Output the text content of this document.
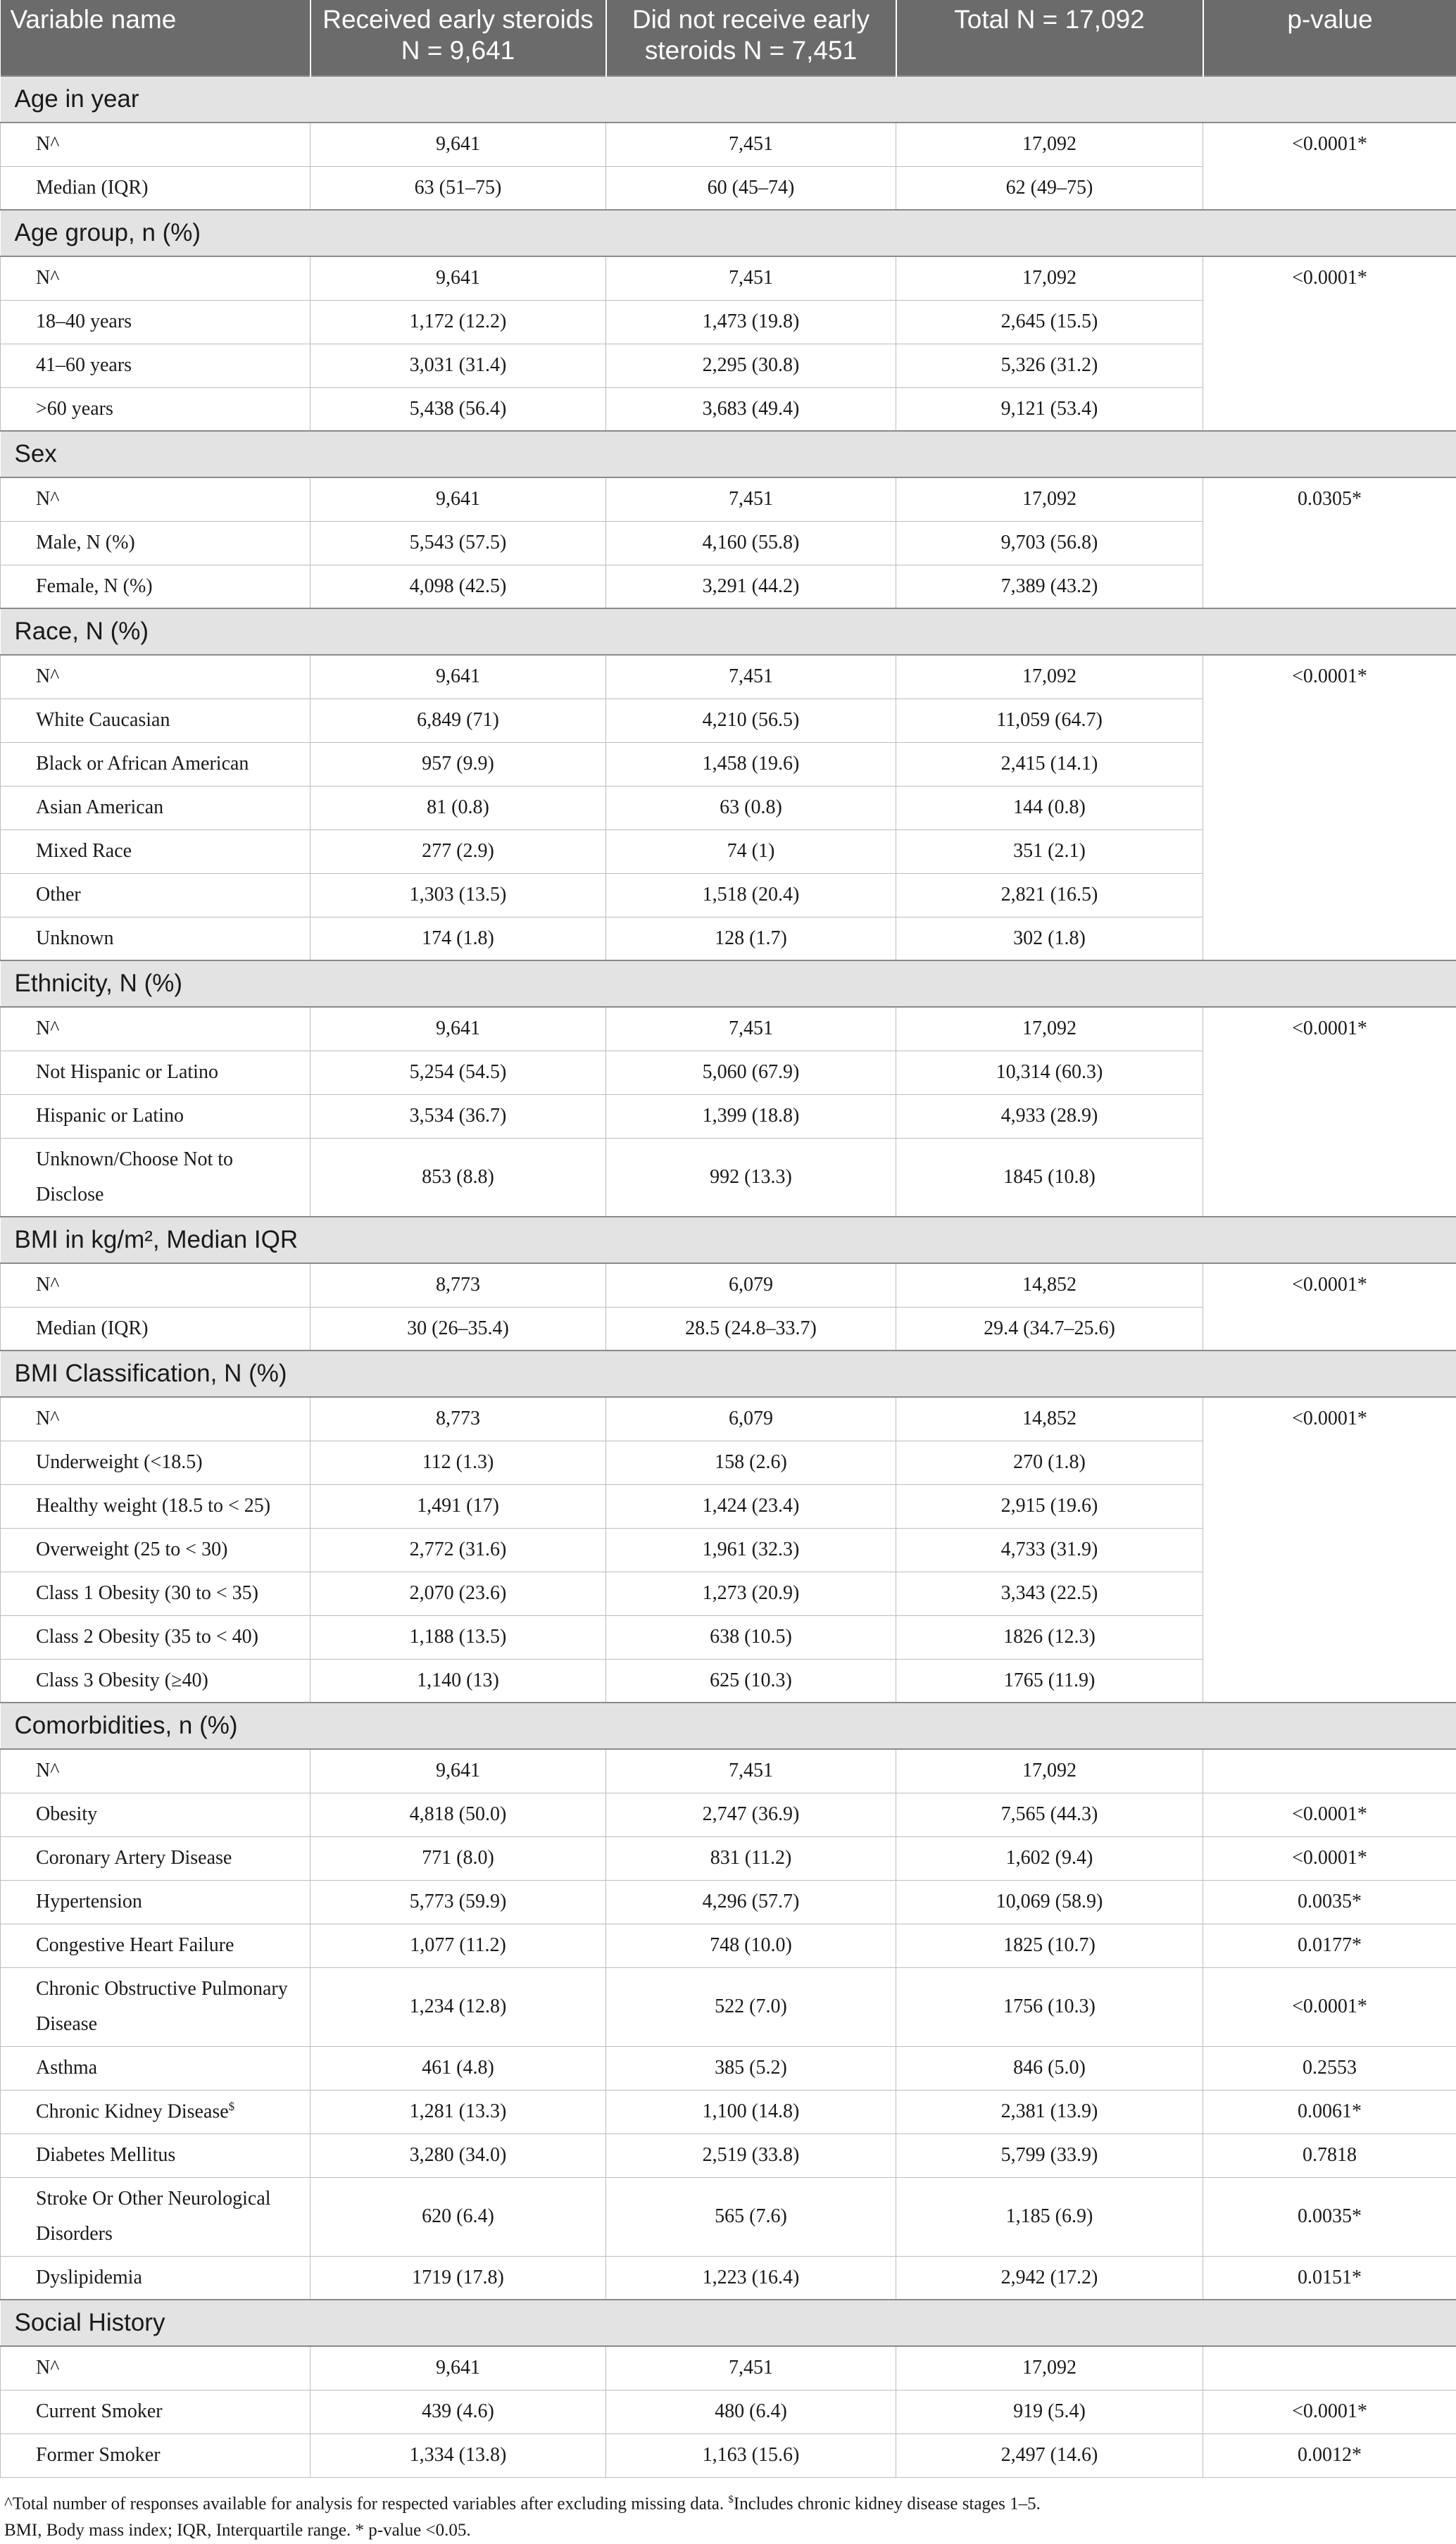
Variable name	Received early steroids N = 9,641	Did not receive early steroids N = 7,451	Total N = 17,092	p-value
Age in year				
N^	9,641	7,451	17,092	<0.0001*
Median (IQR)	63 (51–75)	60 (45–74)	62 (49–75)	
Age group, n (%)				
N^	9,641	7,451	17,092	<0.0001*
18–40 years	1,172 (12.2)	1,473 (19.8)	2,645 (15.5)	
41–60 years	3,031 (31.4)	2,295 (30.8)	5,326 (31.2)	
>60 years	5,438 (56.4)	3,683 (49.4)	9,121 (53.4)	
Sex				
N^	9,641	7,451	17,092	0.0305*
Male, N (%)	5,543 (57.5)	4,160 (55.8)	9,703 (56.8)	
Female, N (%)	4,098 (42.5)	3,291 (44.2)	7,389 (43.2)	
Race, N (%)				
N^	9,641	7,451	17,092	<0.0001*
White Caucasian	6,849 (71)	4,210 (56.5)	11,059 (64.7)	
Black or African American	957 (9.9)	1,458 (19.6)	2,415 (14.1)	
Asian American	81 (0.8)	63 (0.8)	144 (0.8)	
Mixed Race	277 (2.9)	74 (1)	351 (2.1)	
Other	1,303 (13.5)	1,518 (20.4)	2,821 (16.5)	
Unknown	174 (1.8)	128 (1.7)	302 (1.8)	
Ethnicity, N (%)				
N^	9,641	7,451	17,092	<0.0001*
Not Hispanic or Latino	5,254 (54.5)	5,060 (67.9)	10,314 (60.3)	
Hispanic or Latino	3,534 (36.7)	1,399 (18.8)	4,933 (28.9)	
Unknown/Choose Not to Disclose	853 (8.8)	992 (13.3)	1845 (10.8)	
BMI in kg/m², Median IQR				
N^	8,773	6,079	14,852	<0.0001*
Median (IQR)	30 (26–35.4)	28.5 (24.8–33.7)	29.4 (34.7–25.6)	
BMI Classification, N (%)				
N^	8,773	6,079	14,852	<0.0001*
Underweight (<18.5)	112 (1.3)	158 (2.6)	270 (1.8)	
Healthy weight (18.5 to < 25)	1,491 (17)	1,424 (23.4)	2,915 (19.6)	
Overweight (25 to < 30)	2,772 (31.6)	1,961 (32.3)	4,733 (31.9)	
Class 1 Obesity (30 to < 35)	2,070 (23.6)	1,273 (20.9)	3,343 (22.5)	
Class 2 Obesity (35 to < 40)	1,188 (13.5)	638 (10.5)	1826 (12.3)	
Class 3 Obesity (≥40)	1,140 (13)	625 (10.3)	1765 (11.9)	
Comorbidities, n (%)				
N^	9,641	7,451	17,092	
Obesity	4,818 (50.0)	2,747 (36.9)	7,565 (44.3)	<0.0001*
Coronary Artery Disease	771 (8.0)	831 (11.2)	1,602 (9.4)	<0.0001*
Hypertension	5,773 (59.9)	4,296 (57.7)	10,069 (58.9)	0.0035*
Congestive Heart Failure	1,077 (11.2)	748 (10.0)	1825 (10.7)	0.0177*
Chronic Obstructive Pulmonary Disease	1,234 (12.8)	522 (7.0)	1756 (10.3)	<0.0001*
Asthma	461 (4.8)	385 (5.2)	846 (5.0)	0.2553
Chronic Kidney Disease$	1,281 (13.3)	1,100 (14.8)	2,381 (13.9)	0.0061*
Diabetes Mellitus	3,280 (34.0)	2,519 (33.8)	5,799 (33.9)	0.7818
Stroke Or Other Neurological Disorders	620 (6.4)	565 (7.6)	1,185 (6.9)	0.0035*
Dyslipidemia	1719 (17.8)	1,223 (16.4)	2,942 (17.2)	0.0151*
Social History				
N^	9,641	7,451	17,092	
Current Smoker	439 (4.6)	480 (6.4)	919 (5.4)	<0.0001*
Former Smoker	1,334 (13.8)	1,163 (15.6)	2,497 (14.6)	0.0012*
^Total number of responses available for analysis for respected variables after excluding missing data. $Includes chronic kidney disease stages 1–5.
BMI, Body mass index; IQR, Interquartile range. * p-value <0.05.
